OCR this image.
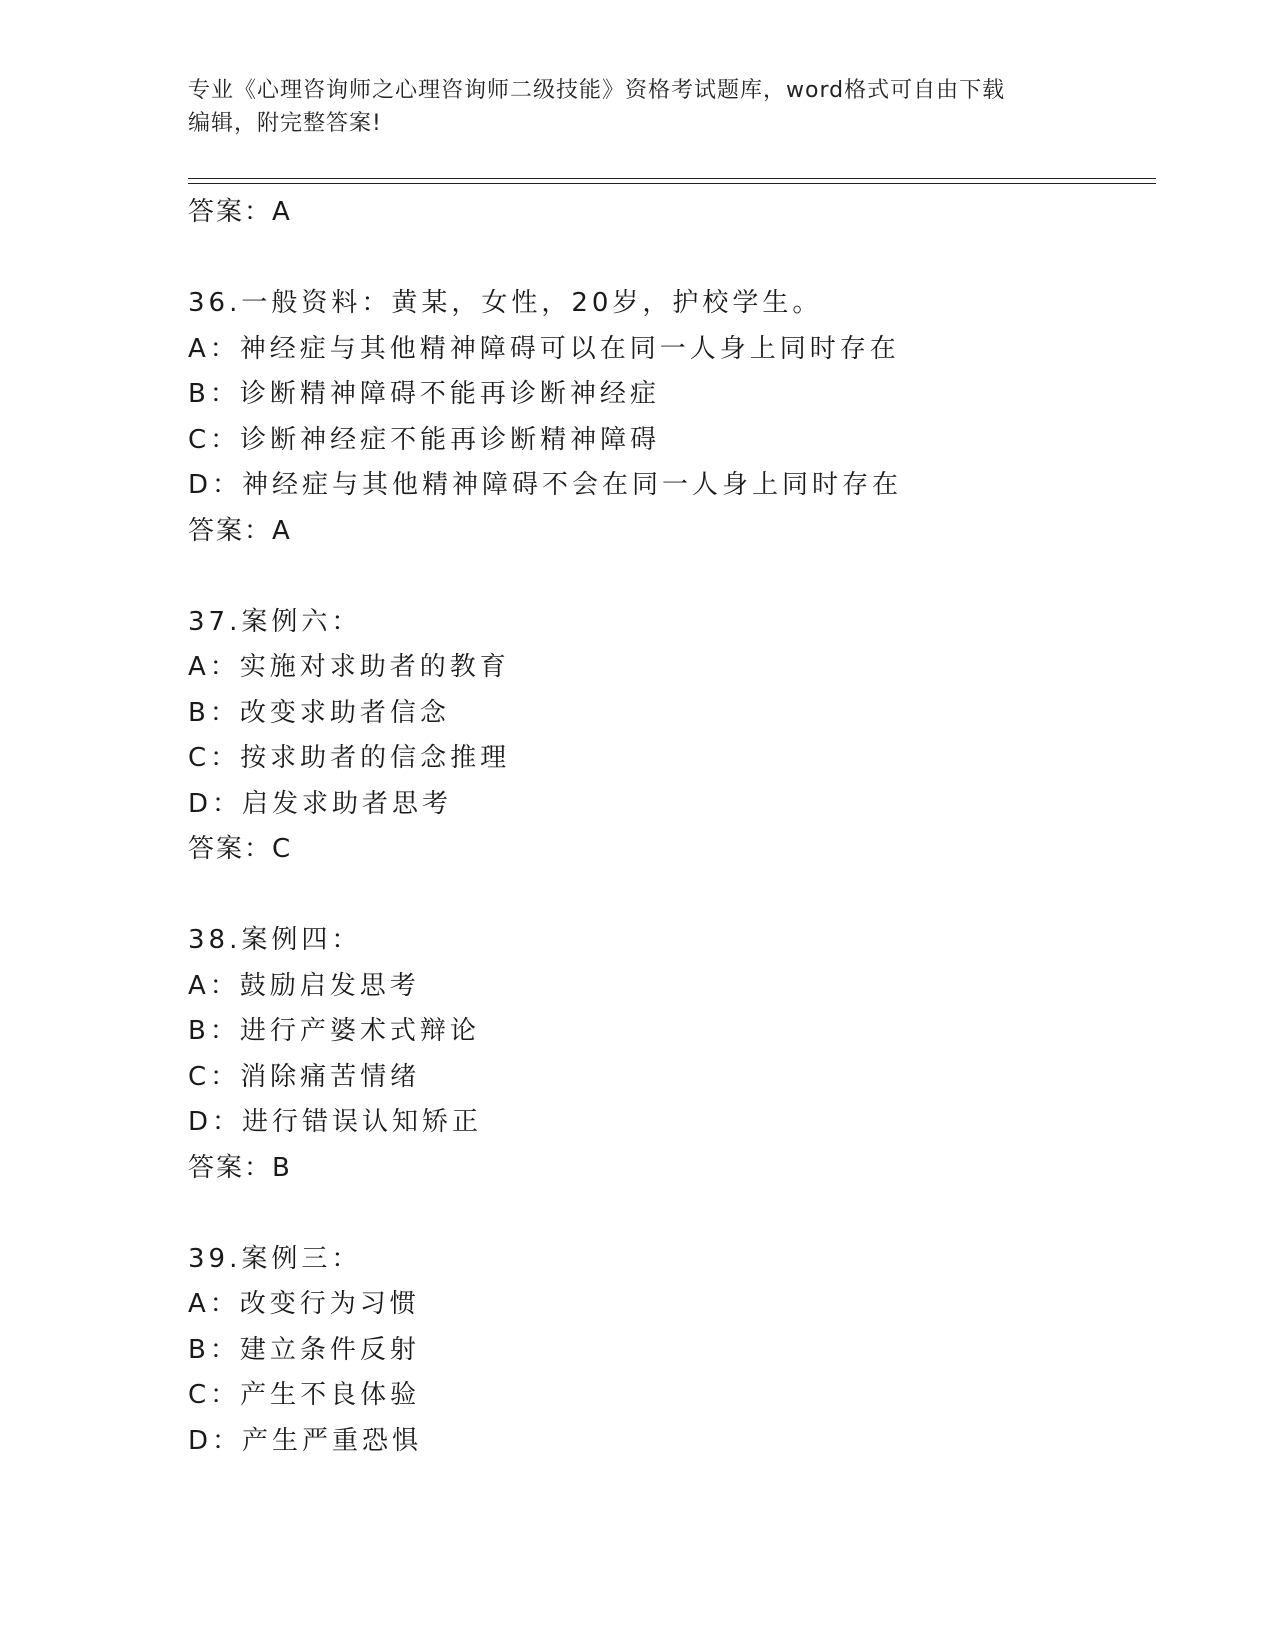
专业《心理咨询师之心理咨询师二级技能》资格考试题库，word格式可自由下载
编辑，附完整答案!
答案：A
36.一般资料：黄某，女性，20岁，护校学生。
A：神经症与其他精神障碍可以在同一人身上同时存在
B：诊断精神障碍不能再诊断神经症
C：诊断神经症不能再诊断精神障碍
D：神经症与其他精神障碍不会在同一人身上同时存在
答案：A
37.案例六：
A：实施对求助者的教育
B：改变求助者信念
C：按求助者的信念推理
D：启发求助者思考
答案：C
38.案例四：
A：鼓励启发思考
B：进行产婆术式辩论
C：消除痛苦情绪
D：进行错误认知矫正
答案：B
39.案例三：
A：改变行为习惯
B：建立条件反射
C：产生不良体验
D：产生严重恐惧
